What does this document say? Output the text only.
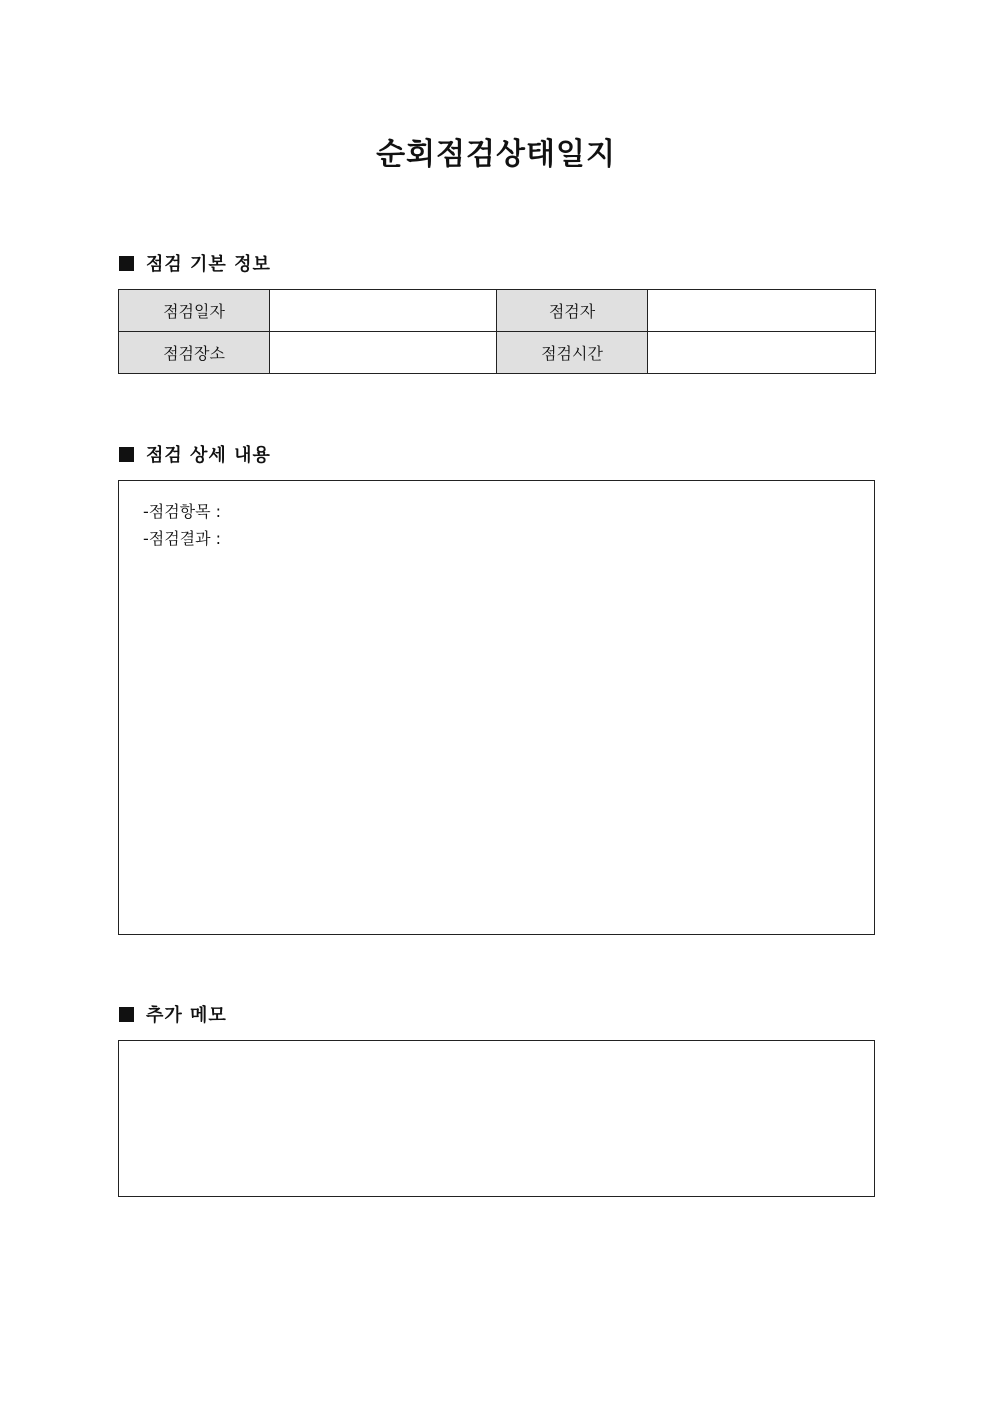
순회점검상태일지
점검 기본 정보
점검일자		점검자	
점검장소		점검시간	
점검 상세 내용
-점검항목 :
-점검결과 :
추가 메모
